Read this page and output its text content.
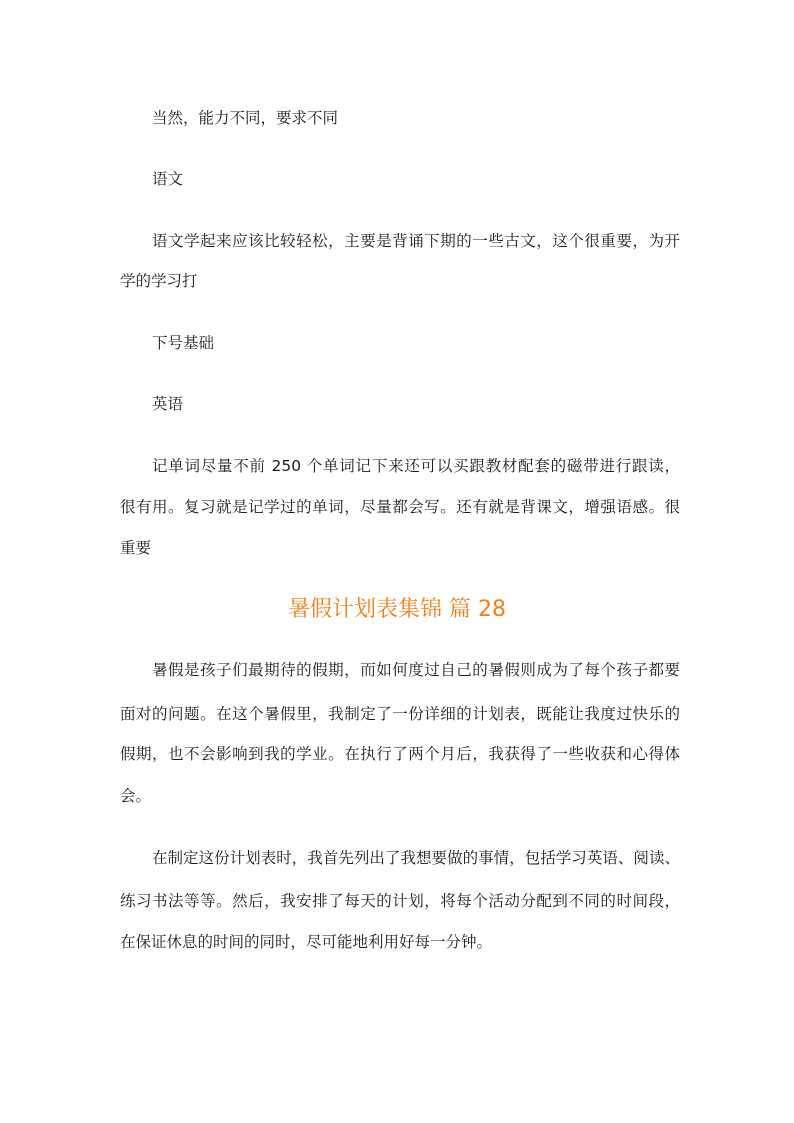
当然，能力不同，要求不同
语文
语文学起来应该比较轻松，主要是背诵下期的一些古文，这个很重要，为开
学的学习打
下号基础
英语
记单词尽量不前 250 个单词记下来还可以买跟教材配套的磁带进行跟读，
很有用。复习就是记学过的单词，尽量都会写。还有就是背课文，增强语感。很
重要
暑假计划表集锦 篇 28
暑假是孩子们最期待的假期，而如何度过自己的暑假则成为了每个孩子都要
面对的问题。在这个暑假里，我制定了一份详细的计划表，既能让我度过快乐的
假期，也不会影响到我的学业。在执行了两个月后，我获得了一些收获和心得体
会。
在制定这份计划表时，我首先列出了我想要做的事情，包括学习英语、阅读、
练习书法等等。然后，我安排了每天的计划，将每个活动分配到不同的时间段，
在保证休息的时间的同时，尽可能地利用好每一分钟。
